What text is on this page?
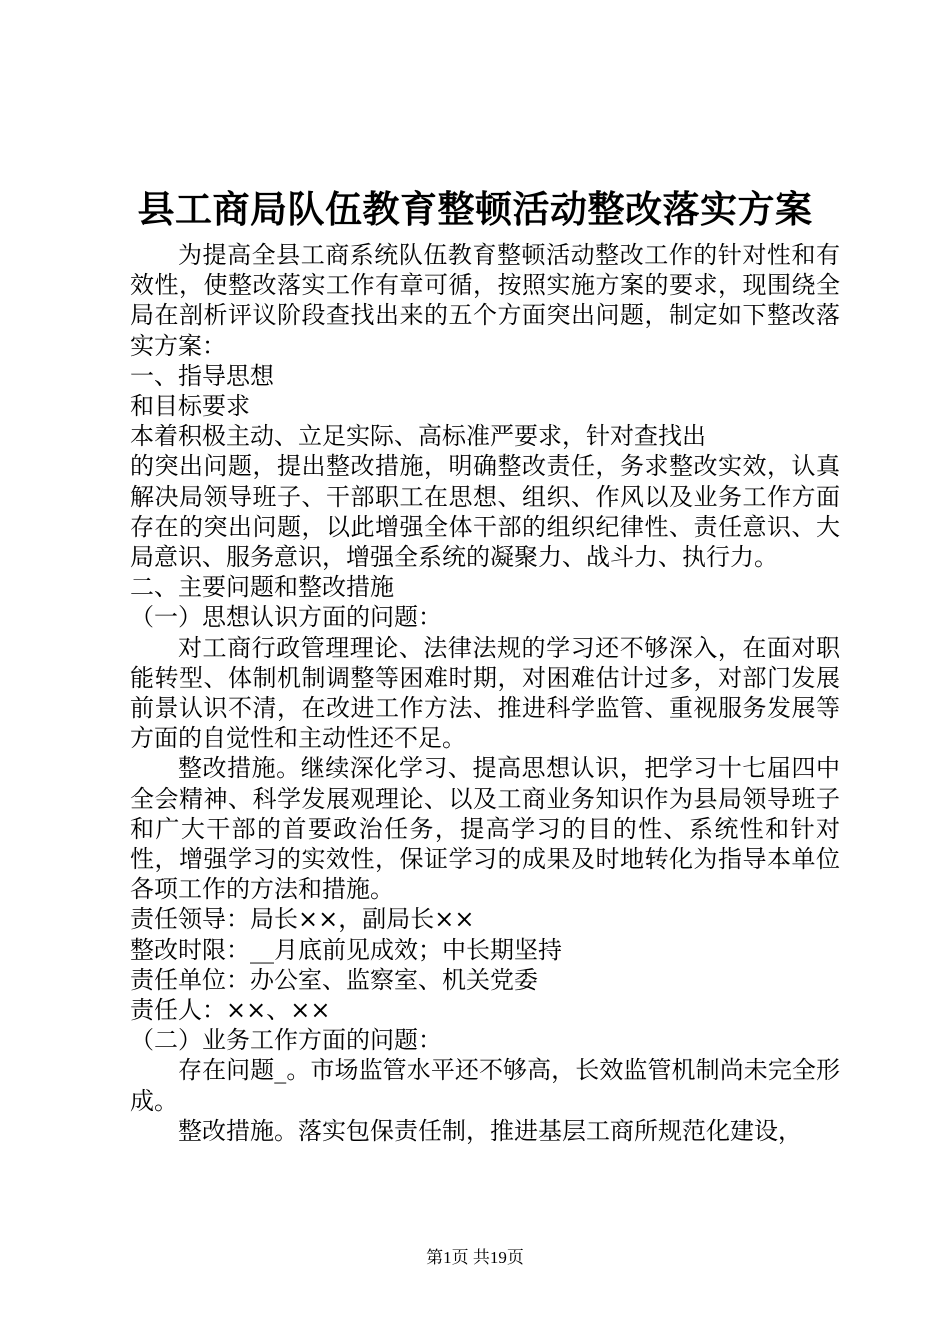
县工商局队伍教育整顿活动整改落实方案

为提高全县工商系统队伍教育整顿活动整改工作的针对性和有效性，使整改落实工作有章可循，按照实施方案的要求，现围绕全局在剖析评议阶段查找出来的五个方面突出问题，制定如下整改落实方案：

一、指导思想

和目标要求

本着积极主动、立足实际、高标准严要求，针对查找出

的突出问题，提出整改措施，明确整改责任，务求整改实效，认真解决局领导班子、干部职工在思想、组织、作风以及业务工作方面存在的突出问题，以此增强全体干部的组织纪律性、责任意识、大局意识、服务意识，增强全系统的凝聚力、战斗力、执行力。

二、主要问题和整改措施

（一）思想认识方面的问题：

对工商行政管理理论、法律法规的学习还不够深入，在面对职能转型、体制机制调整等困难时期，对困难估计过多，对部门发展前景认识不清，在改进工作方法、推进科学监管、重视服务发展等方面的自觉性和主动性还不足。

整改措施。继续深化学习、提高思想认识，把学习十七届四中全会精神、科学发展观理论、以及工商业务知识作为县局领导班子和广大干部的首要政治任务，提高学习的目的性、系统性和针对性，增强学习的实效性，保证学习的成果及时地转化为指导本单位各项工作的方法和措施。

责任领导：局长××，副局长××

整改时限：__月底前见成效；中长期坚持

责任单位：办公室、监察室、机关党委

责任人：××、××

（二）业务工作方面的问题：

存在问题_。市场监管水平还不够高，长效监管机制尚未完全形成。

整改措施。落实包保责任制，推进基层工商所规范化建设，

第1页 共19页
